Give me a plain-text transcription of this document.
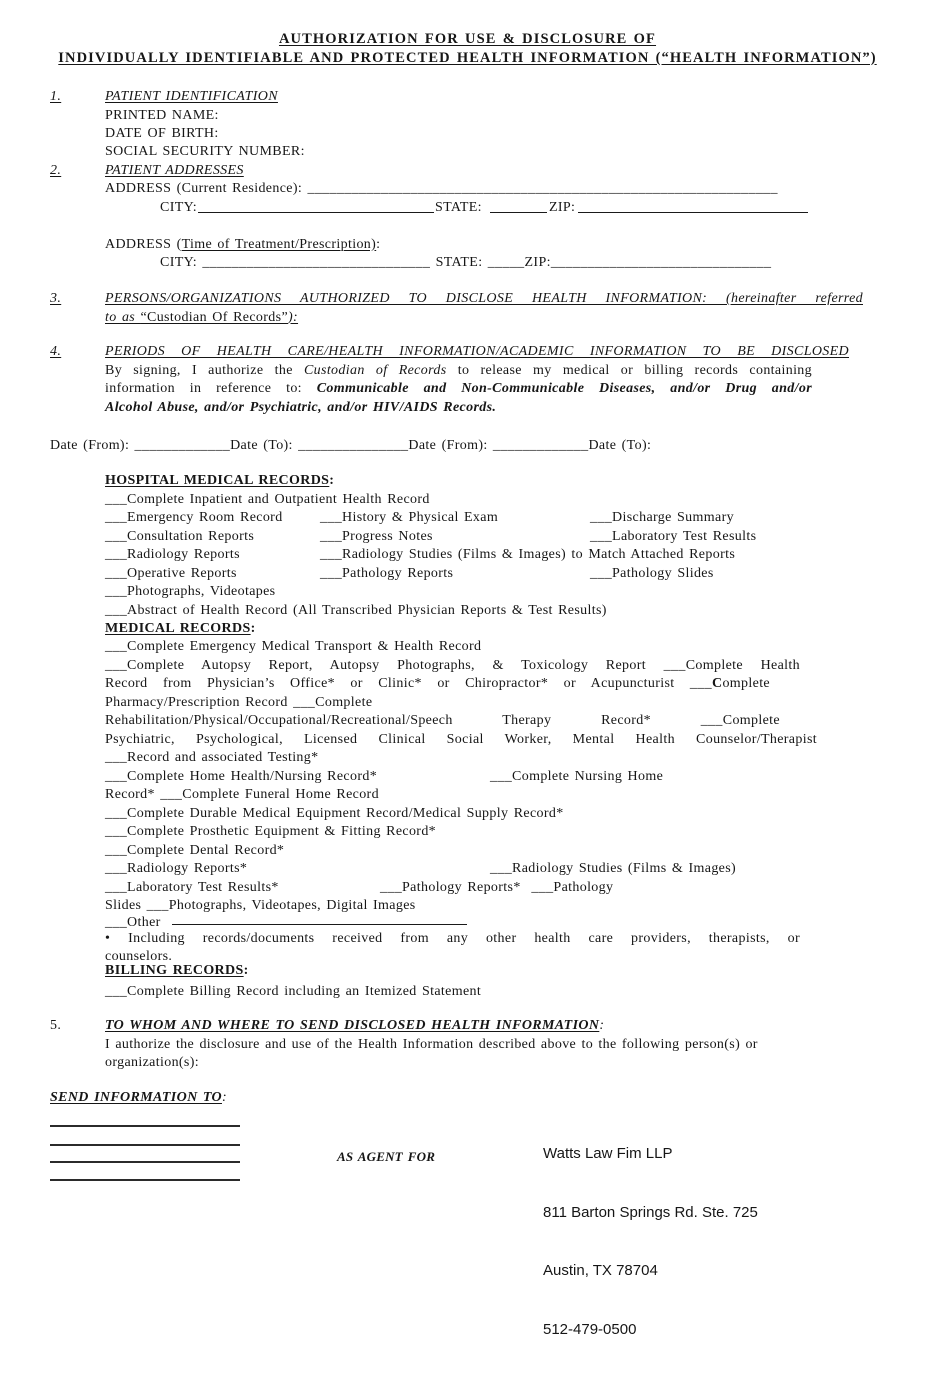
AUTHORIZATION FOR USE & DISCLOSURE OF
INDIVIDUALLY IDENTIFIABLE AND PROTECTED HEALTH INFORMATION (“HEALTH INFORMATION”)
1.	PATIENT IDENTIFICATION
PRINTED NAME:
DATE OF BIRTH:
SOCIAL SECURITY NUMBER:
2.	PATIENT ADDRESSES
ADDRESS (Current Residence): ________________________________________________________________
CITY:	STATE:	ZIP:
ADDRESS (Time of Treatment/Prescription):
CITY: _______________________________ STATE: _____ZIP:______________________________
3.	PERSONS/ORGANIZATIONS AUTHORIZED TO DISCLOSE HEALTH INFORMATION: (hereinafter referred
to as “Custodian Of Records”):
4.	PERIODS OF HEALTH CARE/HEALTH INFORMATION/ACADEMIC INFORMATION TO BE DISCLOSED
By signing, I authorize the Custodian of Records to release my medical or billing records containing
information in reference to: Communicable and Non-Communicable Diseases, and/or Drug and/or
Alcohol Abuse, and/or Psychiatric, and/or HIV/AIDS Records.
Date (From): _____________Date (To): _______________Date (From): _____________Date (To):
HOSPITAL MEDICAL RECORDS:
___Complete Inpatient and Outpatient Health Record
___Emergency Room Record	___History & Physical Exam	___Discharge Summary
___Consultation Reports	___Progress Notes	___Laboratory Test Results
___Radiology Reports	___Radiology Studies (Films & Images) to Match Attached Reports
___Operative Reports	___Pathology Reports	___Pathology Slides
___Photographs, Videotapes
___Abstract of Health Record (All Transcribed Physician Reports & Test Results)
MEDICAL RECORDS:
___Complete Emergency Medical Transport & Health Record
___Complete Autopsy Report, Autopsy Photographs, & Toxicology Report ___Complete Health
Record from Physician’s Office* or Clinic* or Chiropractor* or Acupuncturist ___Complete
Pharmacy/Prescription Record ___Complete
Rehabilitation/Physical/Occupational/Recreational/Speech Therapy Record* ___Complete
Psychiatric, Psychological, Licensed Clinical Social Worker, Mental Health Counselor/Therapist
___Record and associated Testing*
___Complete Home Health/Nursing Record*	___Complete Nursing Home
Record* ___Complete Funeral Home Record
___Complete Durable Medical Equipment Record/Medical Supply Record*
___Complete Prosthetic Equipment & Fitting Record*
___Complete Dental Record*
___Radiology Reports*	___Radiology Studies (Films & Images)
___Laboratory Test Results*	___Pathology Reports*  ___Pathology
Slides ___Photographs, Videotapes, Digital Images
___Other
• Including records/documents received from any other health care providers, therapists, or
counselors.
BILLING RECORDS:
___Complete Billing Record including an Itemized Statement
5.	TO WHOM AND WHERE TO SEND DISCLOSED HEALTH INFORMATION:
I authorize the disclosure and use of the Health Information described above to the following person(s) or
organization(s):
SEND INFORMATION TO:
AS AGENT FOR

	Watts Law Fim LLP

811 Barton Springs Rd. Ste. 725

Austin, TX 78704

512-479-0500
